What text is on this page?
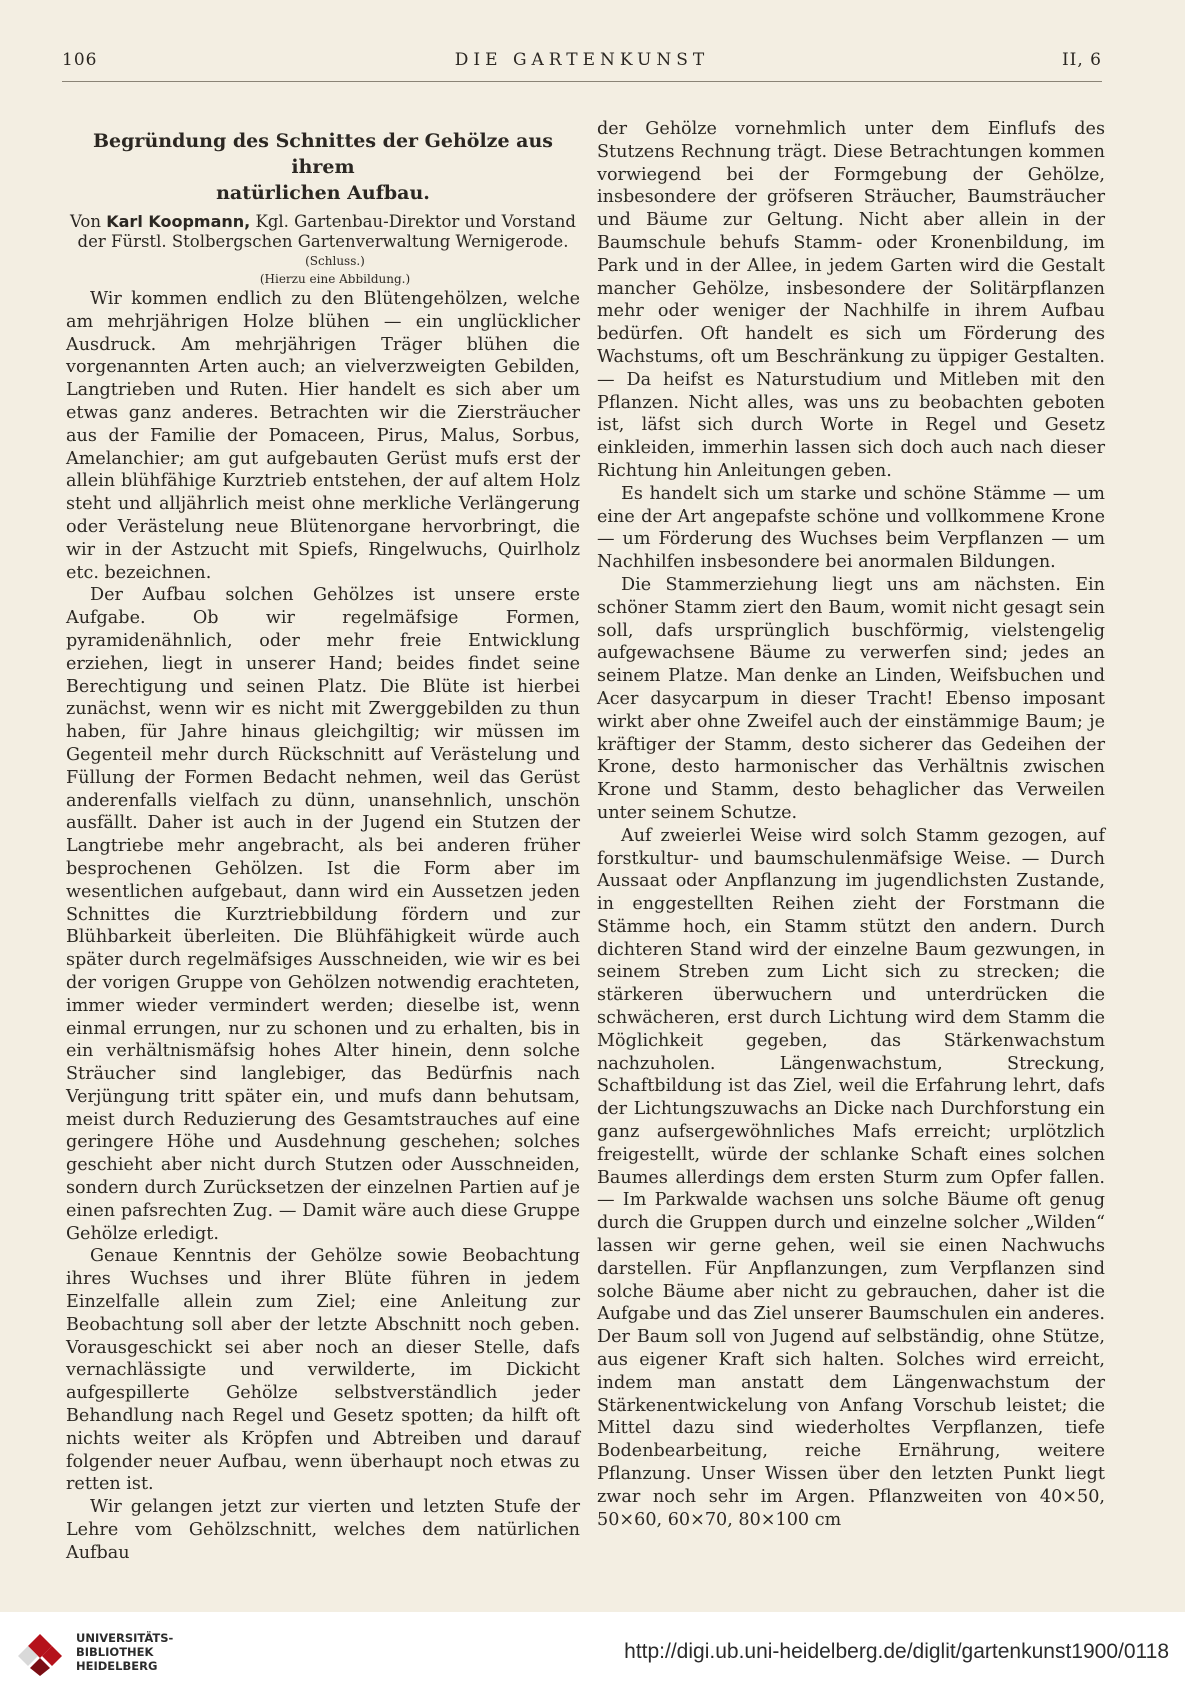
106	DIE GARTENKUNST	II, 6
Begründung des Schnittes der Gehölze aus ihrem
natürlichen Aufbau.

Von Karl Koopmann, Kgl. Gartenbau-Direktor und Vorstand der Fürstl. Stolbergschen Gartenverwaltung Wernigerode.

(Schluss.)

(Hierzu eine Abbildung.)

Wir kommen endlich zu den Blütengehölzen, welche am mehrjährigen Holze blühen — ein unglücklicher Ausdruck. Am mehrjährigen Träger blühen die vorgenannten Arten auch; an vielverzweigten Gebilden, Langtrieben und Ruten. Hier handelt es sich aber um etwas ganz anderes. Betrachten wir die Ziersträucher aus der Familie der Pomaceen, Pirus, Malus, Sorbus, Amelanchier; am gut aufgebauten Gerüst mufs erst der allein blühfähige Kurztrieb entstehen, der auf altem Holz steht und alljährlich meist ohne merkliche Verlängerung oder Verästelung neue Blütenorgane hervorbringt, die wir in der Astzucht mit Spiefs, Ringelwuchs, Quirlholz etc. bezeichnen.

Der Aufbau solchen Gehölzes ist unsere erste Aufgabe. Ob wir regelmäfsige Formen, pyramidenähnlich, oder mehr freie Entwicklung erziehen, liegt in unserer Hand; beides findet seine Berechtigung und seinen Platz. Die Blüte ist hierbei zunächst, wenn wir es nicht mit Zwerggebilden zu thun haben, für Jahre hinaus gleichgiltig; wir müssen im Gegenteil mehr durch Rückschnitt auf Verästelung und Füllung der Formen Bedacht nehmen, weil das Gerüst anderenfalls vielfach zu dünn, unansehnlich, unschön ausfällt. Daher ist auch in der Jugend ein Stutzen der Langtriebe mehr angebracht, als bei anderen früher besprochenen Gehölzen. Ist die Form aber im wesentlichen aufgebaut, dann wird ein Aussetzen jeden Schnittes die Kurztriebbildung fördern und zur Blühbarkeit überleiten. Die Blühfähigkeit würde auch später durch regelmäfsiges Ausschneiden, wie wir es bei der vorigen Gruppe von Gehölzen notwendig erachteten, immer wieder vermindert werden; dieselbe ist, wenn einmal errungen, nur zu schonen und zu erhalten, bis in ein verhältnismäfsig hohes Alter hinein, denn solche Sträucher sind langlebiger, das Bedürfnis nach Verjüngung tritt später ein, und mufs dann behutsam, meist durch Reduzierung des Gesamtstrauches auf eine geringere Höhe und Ausdehnung geschehen; solches geschieht aber nicht durch Stutzen oder Ausschneiden, sondern durch Zurücksetzen der einzelnen Partien auf je einen pafsrechten Zug. — Damit wäre auch diese Gruppe Gehölze erledigt.

Genaue Kenntnis der Gehölze sowie Beobachtung ihres Wuchses und ihrer Blüte führen in jedem Einzelfalle allein zum Ziel; eine Anleitung zur Beobachtung soll aber der letzte Abschnitt noch geben. Vorausgeschickt sei aber noch an dieser Stelle, dafs vernachlässigte und verwilderte, im Dickicht aufgespillerte Gehölze selbstverständlich jeder Behandlung nach Regel und Gesetz spotten; da hilft oft nichts weiter als Kröpfen und Abtreiben und darauf folgender neuer Aufbau, wenn überhaupt noch etwas zu retten ist.

Wir gelangen jetzt zur vierten und letzten Stufe der Lehre vom Gehölzschnitt, welches dem natürlichen Aufbau

der Gehölze vornehmlich unter dem Einflufs des Stutzens Rechnung trägt. Diese Betrachtungen kommen vorwiegend bei der Formgebung der Gehölze, insbesondere der gröfseren Sträucher, Baumsträucher und Bäume zur Geltung. Nicht aber allein in der Baumschule behufs Stamm- oder Kronenbildung, im Park und in der Allee, in jedem Garten wird die Gestalt mancher Gehölze, insbesondere der Solitärpflanzen mehr oder weniger der Nachhilfe in ihrem Aufbau bedürfen. Oft handelt es sich um Förderung des Wachstums, oft um Beschränkung zu üppiger Gestalten. — Da heifst es Naturstudium und Mitleben mit den Pflanzen. Nicht alles, was uns zu beobachten geboten ist, läfst sich durch Worte in Regel und Gesetz einkleiden, immerhin lassen sich doch auch nach dieser Richtung hin Anleitungen geben.

Es handelt sich um starke und schöne Stämme — um eine der Art angepafste schöne und vollkommene Krone — um Förderung des Wuchses beim Verpflanzen — um Nachhilfen insbesondere bei anormalen Bildungen.

Die Stammerziehung liegt uns am nächsten. Ein schöner Stamm ziert den Baum, womit nicht gesagt sein soll, dafs ursprünglich buschförmig, vielstengelig aufgewachsene Bäume zu verwerfen sind; jedes an seinem Platze. Man denke an Linden, Weifsbuchen und Acer dasycarpum in dieser Tracht! Ebenso imposant wirkt aber ohne Zweifel auch der einstämmige Baum; je kräftiger der Stamm, desto sicherer das Gedeihen der Krone, desto harmonischer das Verhältnis zwischen Krone und Stamm, desto behaglicher das Verweilen unter seinem Schutze.

Auf zweierlei Weise wird solch Stamm gezogen, auf forstkultur- und baumschulenmäfsige Weise. — Durch Aussaat oder Anpflanzung im jugendlichsten Zustande, in enggestellten Reihen zieht der Forstmann die Stämme hoch, ein Stamm stützt den andern. Durch dichteren Stand wird der einzelne Baum gezwungen, in seinem Streben zum Licht sich zu strecken; die stärkeren überwuchern und unterdrücken die schwächeren, erst durch Lichtung wird dem Stamm die Möglichkeit gegeben, das Stärkenwachstum nachzuholen. Längenwachstum, Streckung, Schaftbildung ist das Ziel, weil die Erfahrung lehrt, dafs der Lichtungszuwachs an Dicke nach Durchforstung ein ganz aufsergewöhnliches Mafs erreicht; urplötzlich freigestellt, würde der schlanke Schaft eines solchen Baumes allerdings dem ersten Sturm zum Opfer fallen. — Im Parkwalde wachsen uns solche Bäume oft genug durch die Gruppen durch und einzelne solcher „Wilden“ lassen wir gerne gehen, weil sie einen Nachwuchs darstellen. Für Anpflanzungen, zum Verpflanzen sind solche Bäume aber nicht zu gebrauchen, daher ist die Aufgabe und das Ziel unserer Baumschulen ein anderes. Der Baum soll von Jugend auf selbständig, ohne Stütze, aus eigener Kraft sich halten. Solches wird erreicht, indem man anstatt dem Längenwachstum der Stärkenentwickelung von Anfang Vorschub leistet; die Mittel dazu sind wiederholtes Verpflanzen, tiefe Bodenbearbeitung, reiche Ernährung, weitere Pflanzung. Unser Wissen über den letzten Punkt liegt zwar noch sehr im Argen. Pflanzweiten von 40×50, 50×60, 60×70, 80×100 cm

UNIVERSITÄTS-
BIBLIOTHEK
HEIDELBERG
http://digi.ub.uni-heidelberg.de/diglit/gartenkunst1900/0118
